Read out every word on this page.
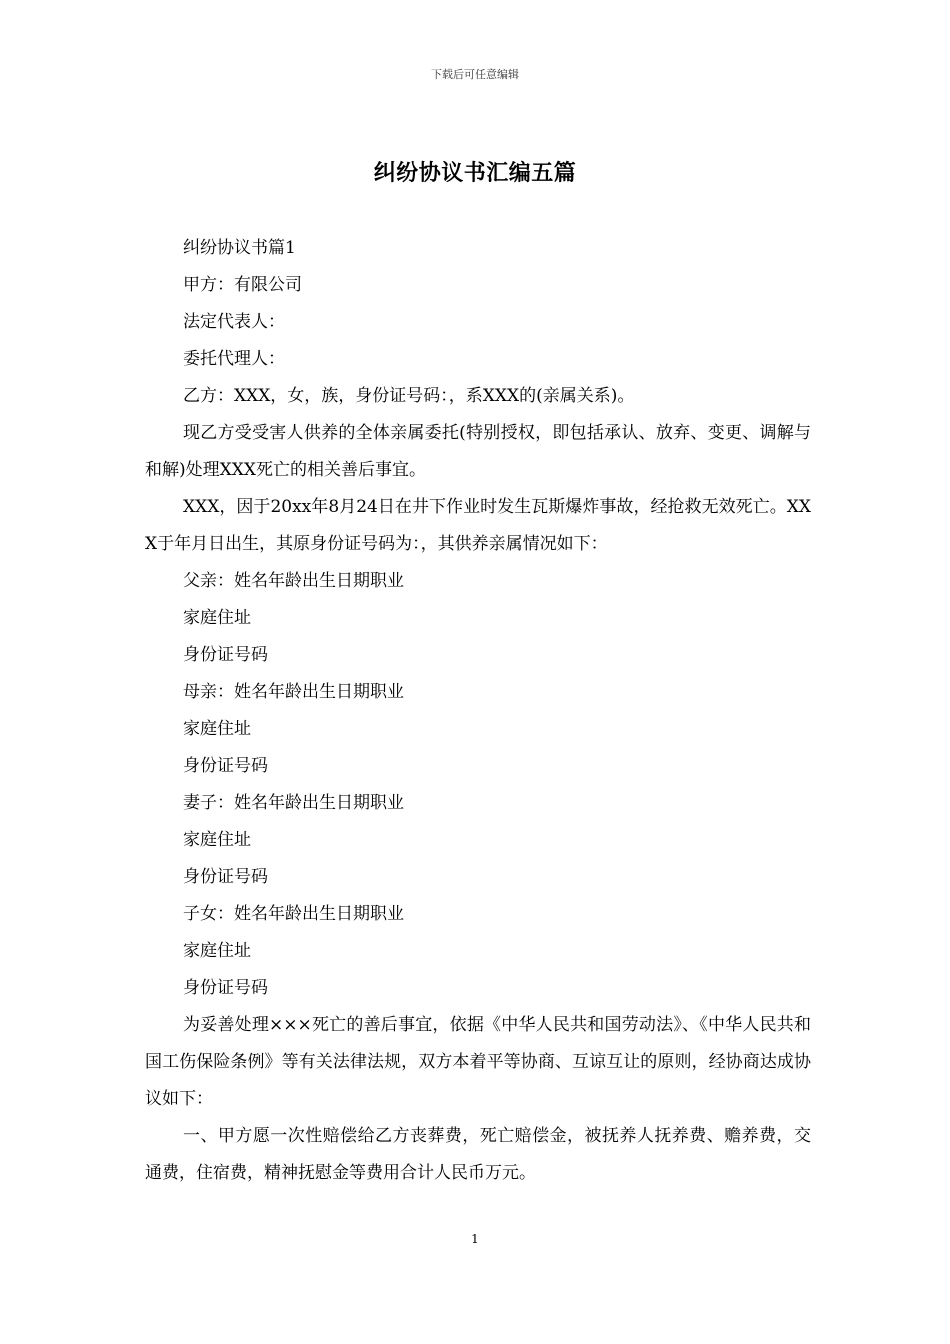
下载后可任意编辑
纠纷协议书汇编五篇

纠纷协议书篇1

甲方：有限公司

法定代表人：

委托代理人：

乙方：XXX，女，族，身份证号码：，系XXX的(亲属关系)。

现乙方受受害人供养的全体亲属委托(特别授权，即包括承认、放弃、变更、调解与和解)处理XXX死亡的相关善后事宜。

XXX，因于20xx年8月24日在井下作业时发生瓦斯爆炸事故，经抢救无效死亡。XXX于年月日出生，其原身份证号码为：，其供养亲属情况如下：

父亲：姓名年龄出生日期职业

家庭住址

身份证号码

母亲：姓名年龄出生日期职业

家庭住址

身份证号码

妻子：姓名年龄出生日期职业

家庭住址

身份证号码

子女：姓名年龄出生日期职业

家庭住址

身份证号码

为妥善处理×××死亡的善后事宜，依据《中华人民共和国劳动法》、《中华人民共和国工伤保险条例》等有关法律法规，双方本着平等协商、互谅互让的原则，经协商达成协议如下：

一、甲方愿一次性赔偿给乙方丧葬费，死亡赔偿金，被抚养人抚养费、赡养费，交通费，住宿费，精神抚慰金等费用合计人民币万元。

1
